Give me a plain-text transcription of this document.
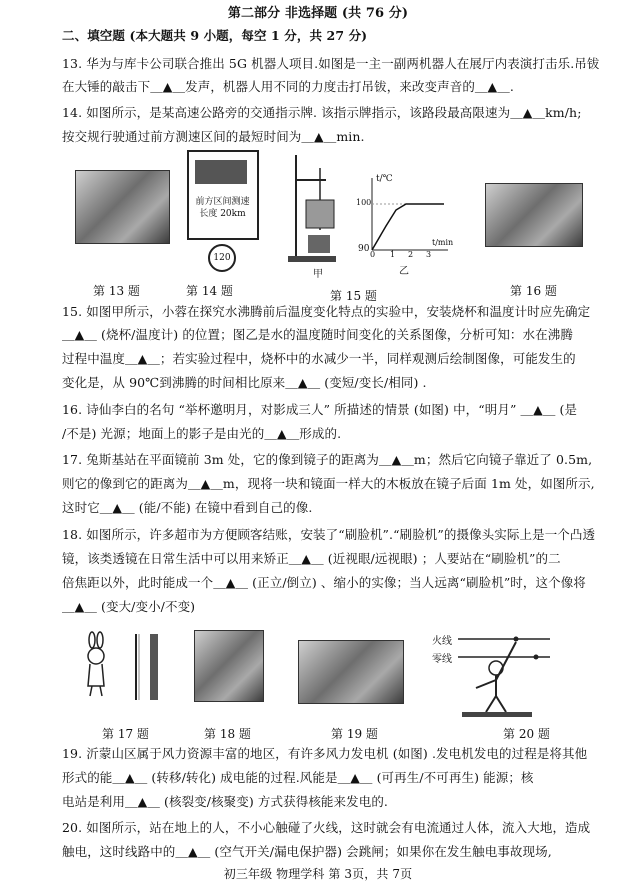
第二部分 非选择题 (共 76 分)
二、填空题 (本大题共 9 小题，每空 1 分，共 27 分)
13. 华为与库卡公司联合推出 5G 机器人项目.如图是一主一副两机器人在展厅内表演打击乐.吊钹
在大锤的敲击下＿▲＿发声，机器人用不同的力度击打吊钹，来改变声音的＿▲＿.
14. 如图所示，是某高速公路旁的交通指示牌. 该指示牌指示，该路段最高限速为＿▲＿km/h;
按交规行驶通过前方测速区间的最短时间为＿▲＿min.
前方区间测速
长度 20km
120
甲
t/℃
100
90
0 1 2 3
t/min
乙
第 13 题	第 14 题	第 15 题	第 16 题
15. 如图甲所示，小蓉在探究水沸腾前后温度变化特点的实验中，安装烧杯和温度计时应先确定
＿▲＿ (烧杯/温度计) 的位置；图乙是水的温度随时间变化的关系图像，分析可知：水在沸腾
过程中温度＿▲＿；若实验过程中，烧杯中的水减少一半，同样观测后绘制图像，可能发生的
变化是，从 90℃到沸腾的时间相比原来＿▲＿ (变短/变长/相同) .
16. 诗仙李白的名句 “举杯邀明月，对影成三人” 所描述的情景 (如图) 中，“明月” ＿▲＿ (是
/不是) 光源；地面上的影子是由光的＿▲＿形成的.
17. 兔斯基站在平面镜前 3m 处，它的像到镜子的距离为＿▲＿m；然后它向镜子靠近了 0.5m,
则它的像到它的距离为＿▲＿m，现将一块和镜面一样大的木板放在镜子后面 1m 处，如图所示,
这时它＿▲＿ (能/不能) 在镜中看到自己的像.
18. 如图所示，许多超市为方便顾客结账，安装了“刷脸机”.“刷脸机”的摄像头实际上是一个凸透
镜，该类透镜在日常生活中可以用来矫正＿▲＿ (近视眼/远视眼) ；人要站在“刷脸机”的二
倍焦距以外，此时能成一个＿▲＿ (正立/倒立) 、缩小的实像；当人远离“刷脸机”时，这个像将
＿▲＿ (变大/变小/不变)
火线
零线
第 17 题	第 18 题	第 19 题	第 20 题
19. 沂蒙山区属于风力资源丰富的地区，有许多风力发电机 (如图) .发电机发电的过程是将其他
形式的能＿▲＿ (转移/转化) 成电能的过程.风能是＿▲＿ (可再生/不可再生) 能源；核
电站是利用＿▲＿ (核裂变/核聚变) 方式获得核能来发电的.
20. 如图所示，站在地上的人，不小心触碰了火线，这时就会有电流通过人体，流入大地，造成
触电，这时线路中的＿▲＿ (空气开关/漏电保护器) 会跳闸；如果你在发生触电事故现场,
初三年级 物理学科 第 3页，共 7页
